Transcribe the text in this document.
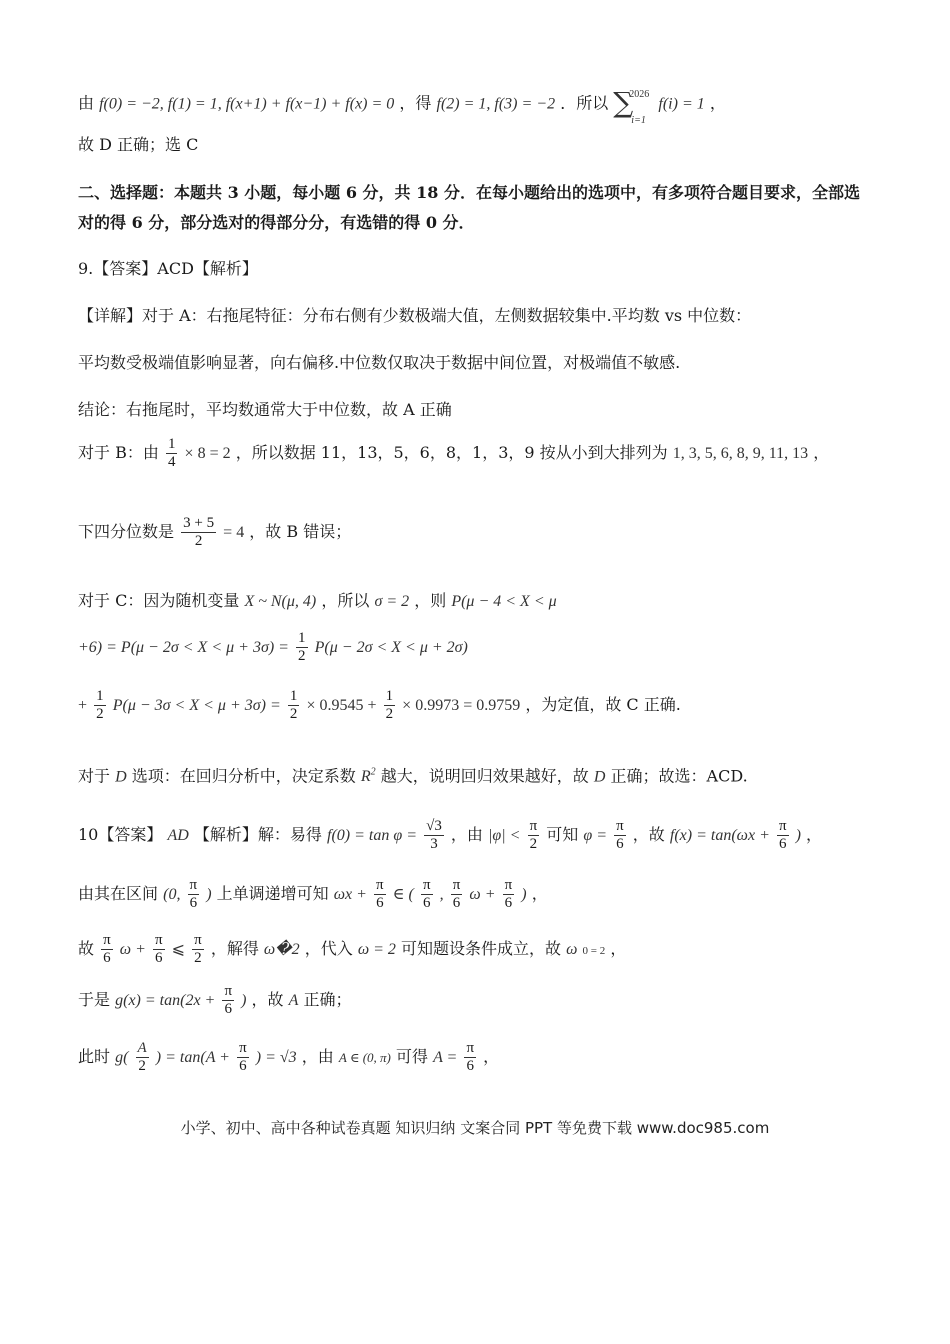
由 f(0) = −2, f(1) = 1, f(x+1) + f(x−1) + f(x) = 0 ，得 f(2) = 1, f(3) = −2 ．所以 ∑
2026
i=1
f(i) = 1 ，
故 D 正确；选 C
二、选择题：本题共 3 小题，每小题 6 分，共 18 分．在每小题给出的选项中，有多项符合题目要求，全部选
对的得 6 分，部分选对的得部分分，有选错的得 0 分．
9.【答案】ACD【解析】
【详解】对于 A：右拖尾特征：分布右侧有少数极端大值，左侧数据较集中.平均数 vs 中位数：
平均数受极端值影响显著，向右偏移.中位数仅取决于数据中间位置，对极端值不敏感.
结论：右拖尾时，平均数通常大于中位数，故 A 正确
对于 B：由 $\frac{1}{4} \times 8 = 2$ ，所以数据 11，13，5，6，8，1，3，9 按从小到大排列为 1, 3, 5, 6, 8, 9, 11, 13 ，
下四分位数是 $\frac{3 + 5}{2} = 4$ ，故 B 错误；
对于 C：因为随机变量 X ~ N(μ, 4) ，所以 σ = 2 ，则 P(μ − 4 < X < μ
$+6) = P(\mu - 2\sigma < X < \mu + 3\sigma) = \frac{1}{2} P(\mu - 2\sigma < X < \mu + 2\sigma)$
+ $\frac{1}{2} P(\mu - 3\sigma < X < \mu + 3\sigma) = \frac{1}{2} \times 0.9545 + \frac{1}{2} \times 0.9973 = 0.9759$ ，为定值，故 C 正确.
对于 D 选项：在回归分析中，决定系数 $R^2$ 越大，说明回归效果越好，故 D 正确；故选：ACD.
10【答案】 AD 【解析】解：易得 $f(0) = \tan \varphi = \frac{√3}{3}$ ，由 $|\varphi| < \frac{\pi}{2}$ 可知 $\varphi = \frac{\pi}{6}$ ，故 $f(x) = \tan(\omega x + \frac{\pi}{6}$ ) ，
由其在区间 (0, $\frac{\pi}{6}$ ) 上单调递增可知 $\omega x + \frac{\pi}{6}$ ∈ ( $\frac{\pi}{6}$ , $\frac{\pi}{6}$ $\omega + \frac{\pi}{6}$ ) ，
故 $\frac{\pi}{6}$ $\omega + \frac{\pi}{6}$ ⩽ $\frac{\pi}{2}$ ，解得 ω�2 ，代入 ω = 2 可知题设条件成立，故 ω 0 = 2 ，
于是 $g(x) = \tan(2x + \frac{\pi}{6}$ ) ，故 A 正确；
此时 $g( \frac{A}{2}$ ) = $\tan(A + \frac{\pi}{6}$ ) = √3 ，由 A ∈ (0, π) 可得 $A = \frac{\pi}{6}$ ，
小学、初中、高中各种试卷真题 知识归纳 文案合同 PPT 等免费下载 www.doc985.com
